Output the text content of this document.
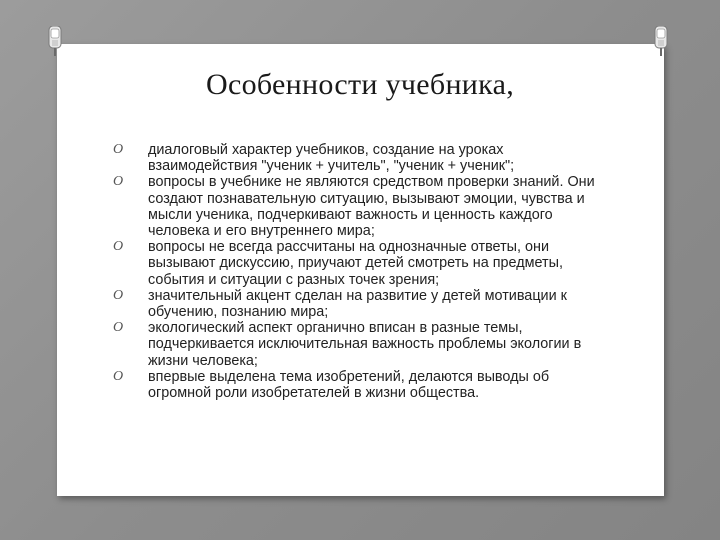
Особенности учебника,
O диалоговый характер учебников, создание на уроках взаимодействия "ученик + учитель", "ученик + ученик";
O вопросы в учебнике не являются средством проверки знаний. Они создают познавательную ситуацию, вызывают эмоции, чувства и мысли ученика, подчеркивают важность и ценность каждого человека и его внутреннего мира;
O вопросы не всегда рассчитаны на однозначные ответы, они вызывают дискуссию, приучают детей смотреть на предметы, события и ситуации с разных точек зрения;
O значительный акцент сделан на развитие у детей мотивации к обучению, познанию мира;
O экологический аспект органично вписан в разные темы, подчеркивается исключительная важность проблемы экологии в жизни человека;
O впервые выделена тема изобретений, делаются выводы об огромной роли изобретателей в жизни общества.
